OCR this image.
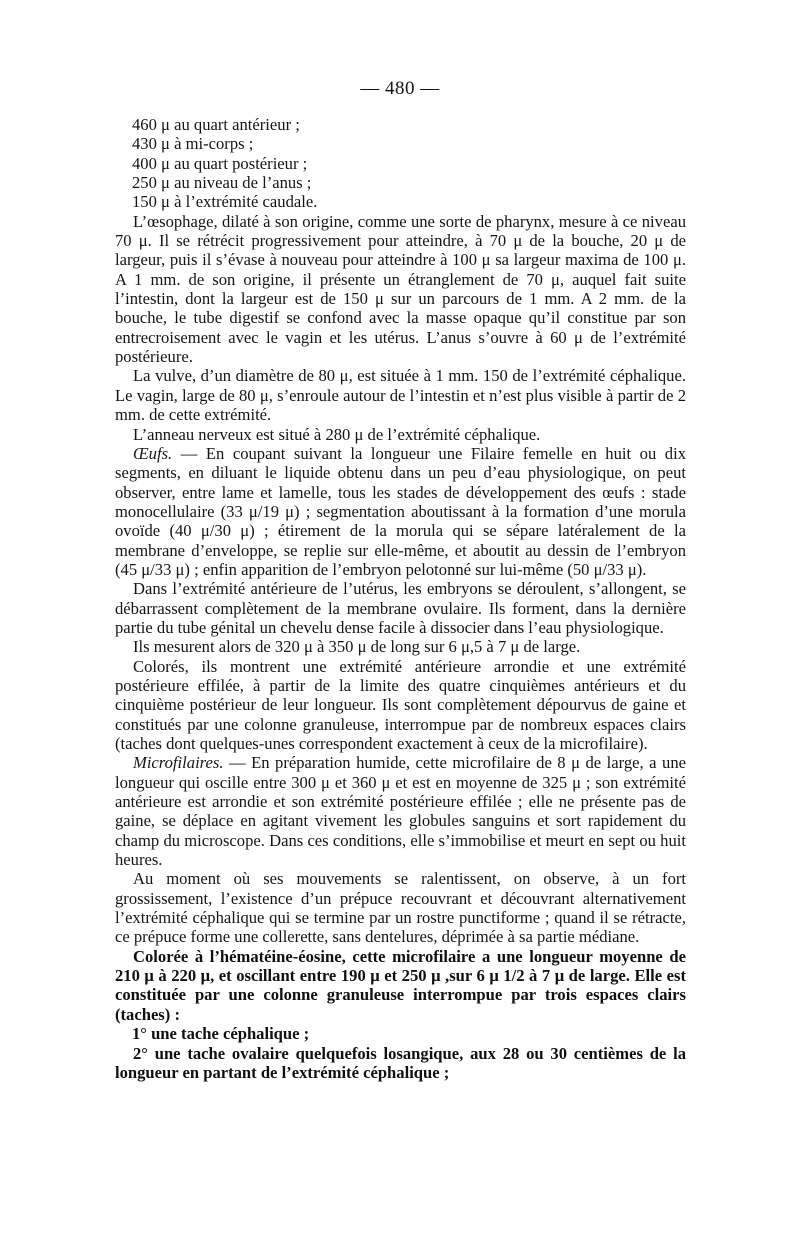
— 480 —

460 μ au quart antérieur ;

430 μ à mi-corps ;

400 μ au quart postérieur ;

250 μ au niveau de l’anus ;

150 μ à l’extrémité caudale.

L’œsophage, dilaté à son origine, comme une sorte de pharynx, mesure à ce niveau 70 μ. Il se rétrécit progressivement pour atteindre, à 70 μ de la bouche, 20 μ de largeur, puis il s’évase à nouveau pour atteindre à 100 μ sa largeur maxima de 100 μ. A 1 mm. de son origine, il présente un étranglement de 70 μ, auquel fait suite l’intestin, dont la largeur est de 150 μ sur un parcours de 1 mm. A 2 mm. de la bouche, le tube digestif se confond avec la masse opaque qu’il constitue par son entrecroisement avec le vagin et les utérus. L’anus s’ouvre à 60 μ de l’extrémité postérieure.

La vulve, d’un diamètre de 80 μ, est située à 1 mm. 150 de l’extrémité céphalique. Le vagin, large de 80 μ, s’enroule autour de l’intestin et n’est plus visible à partir de 2 mm. de cette extrémité.

L’anneau nerveux est situé à 280 μ de l’extrémité céphalique.

Œufs. — En coupant suivant la longueur une Filaire femelle en huit ou dix segments, en diluant le liquide obtenu dans un peu d’eau physiologique, on peut observer, entre lame et lamelle, tous les stades de développement des œufs : stade monocellulaire (33 μ/19 μ) ; segmentation aboutissant à la formation d’une morula ovoïde (40 μ/30 μ) ; étirement de la morula qui se sépare latéralement de la membrane d’enveloppe, se replie sur elle-même, et aboutit au dessin de l’embryon (45 μ/33 μ) ; enfin apparition de l’embryon pelotonné sur lui-même (50 μ/33 μ).

Dans l’extrémité antérieure de l’utérus, les embryons se déroulent, s’allongent, se débarrassent complètement de la membrane ovulaire. Ils forment, dans la dernière partie du tube génital un chevelu dense facile à dissocier dans l’eau physiologique.

Ils mesurent alors de 320 μ à 350 μ de long sur 6 μ,5 à 7 μ de large.

Colorés, ils montrent une extrémité antérieure arrondie et une extrémité postérieure effilée, à partir de la limite des quatre cinquièmes antérieurs et du cinquième postérieur de leur longueur. Ils sont complètement dépourvus de gaine et constitués par une colonne granuleuse, interrompue par de nombreux espaces clairs (taches dont quelques-unes correspondent exactement à ceux de la microfilaire).

Microfilaires. — En préparation humide, cette microfilaire de 8 μ de large, a une longueur qui oscille entre 300 μ et 360 μ et est en moyenne de 325 μ ; son extrémité antérieure est arrondie et son extrémité postérieure effilée ; elle ne présente pas de gaine, se déplace en agitant vivement les globules sanguins et sort rapidement du champ du microscope. Dans ces conditions, elle s’immobilise et meurt en sept ou huit heures.

Au moment où ses mouvements se ralentissent, on observe, à un fort grossissement, l’existence d’un prépuce recouvrant et découvrant alternativement l’extrémité céphalique qui se termine par un rostre punctiforme ; quand il se rétracte, ce prépuce forme une collerette, sans dentelures, déprimée à sa partie médiane.

Colorée à l’hématéine-éosine, cette microfilaire a une longueur moyenne de 210 μ à 220 μ, et oscillant entre 190 μ et 250 μ ,sur 6 μ 1/2 à 7 μ de large. Elle est constituée par une colonne granuleuse interrompue par trois espaces clairs (taches) :

1° une tache céphalique ;

2° une tache ovalaire quelquefois losangique, aux 28 ou 30 centièmes de la longueur en partant de l’extrémité céphalique ;
